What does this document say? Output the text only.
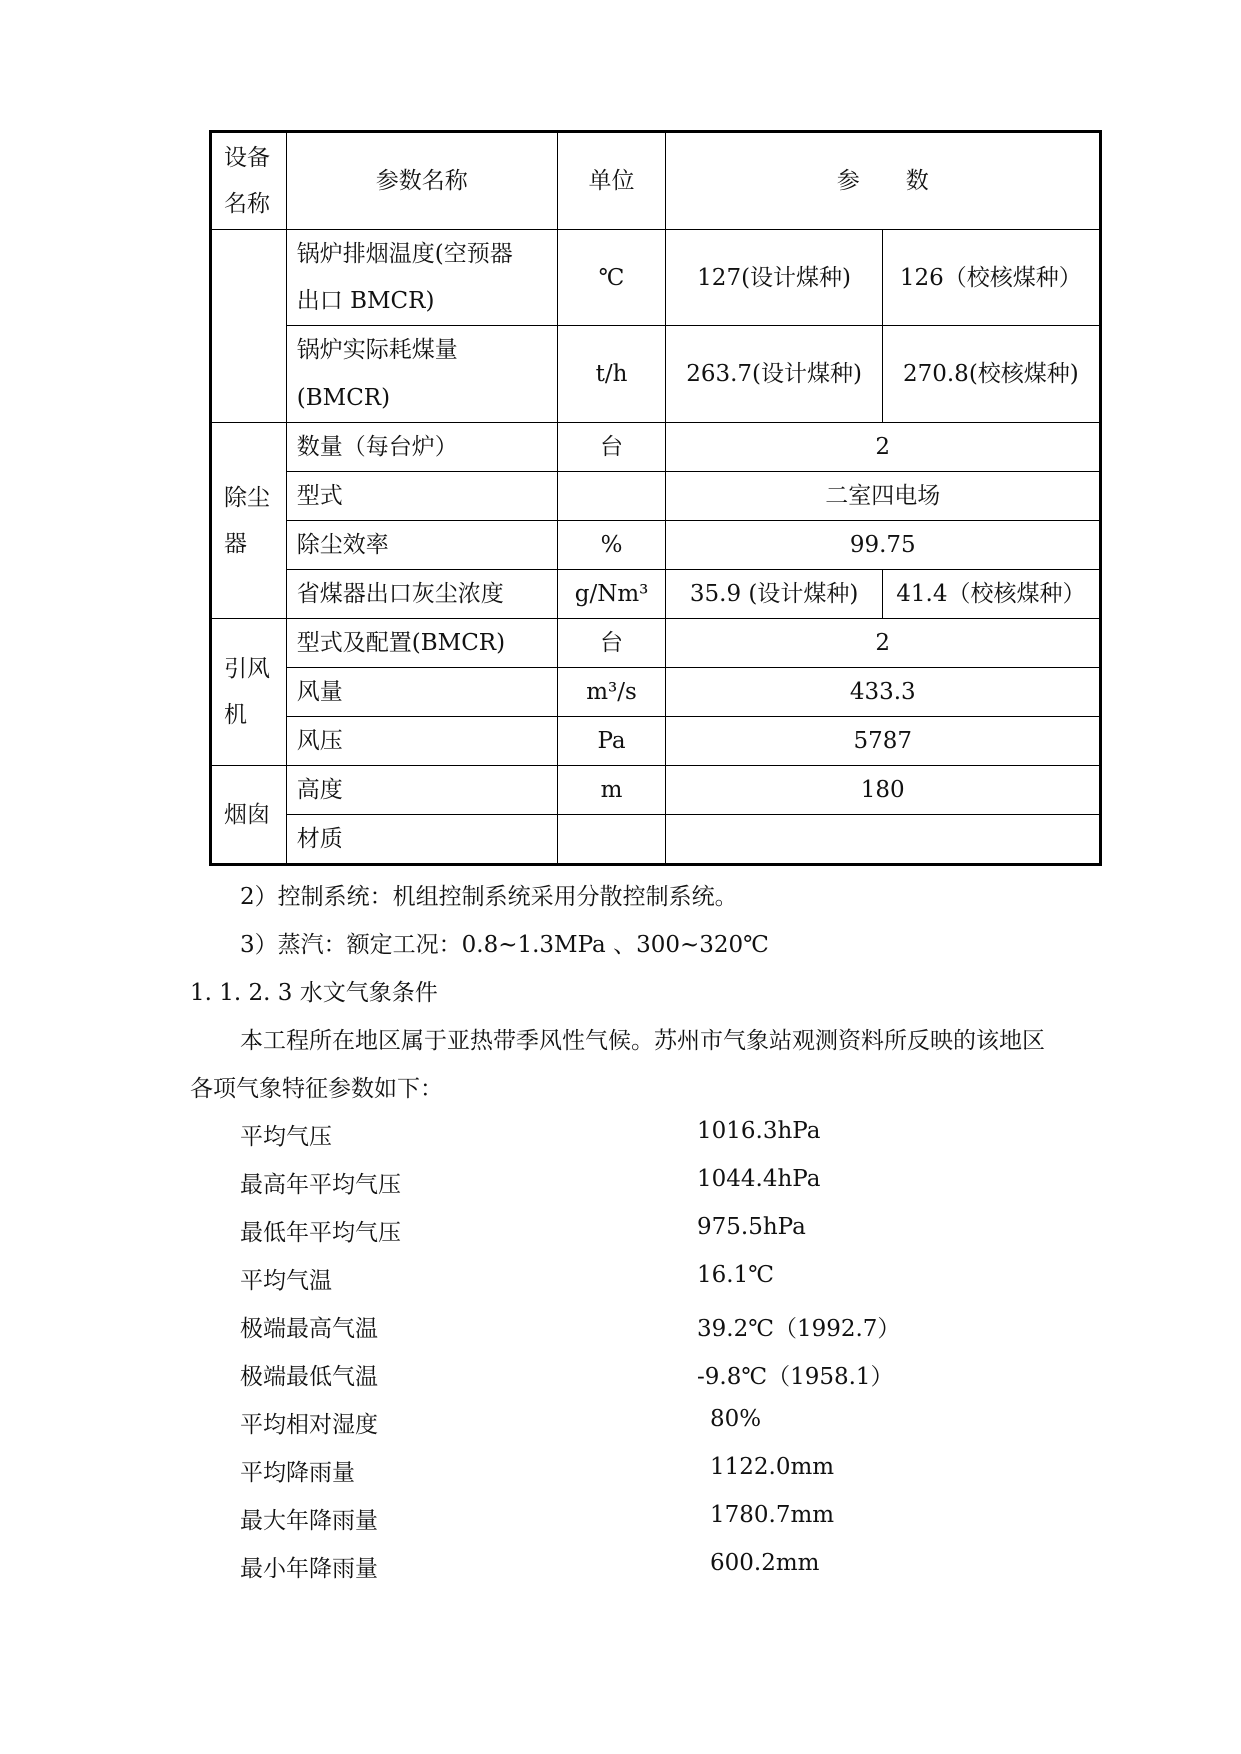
设备
名称	参数名称	单位	参　　数	
	锅炉排烟温度(空预器
出口 BMCR)	℃	127(设计煤种)	126（校核煤种）
	锅炉实际耗煤量(BMCR)	t/h	263.7(设计煤种)	270.8(校核煤种)
除尘
器	数量（每台炉）	台	2	
	型式		二室四电场	
	除尘效率	%	99.75	
	省煤器出口灰尘浓度	g/Nm³	35.9 (设计煤种)	41.4（校核煤种）
引风
机	型式及配置(BMCR)	台	2	
	风量	m³/s	433.3	
	风压	Pa	5787	
烟囱	高度	m	180	
	材质			
2）控制系统：机组控制系统采用分散控制系统。
3）蒸汽：额定工况：0.8~1.3MPa 、300~320℃
1. 1. 2. 3 水文气象条件
本工程所在地区属于亚热带季风性气候。苏州市气象站观测资料所反映的该地区
各项气象特征参数如下：
平均气压	1016.3hPa
最高年平均气压	1044.4hPa
最低年平均气压	975.5hPa
平均气温	16.1℃
极端最高气温	39.2℃（1992.7）
极端最低气温	-9.8℃（1958.1）
平均相对湿度	80%
平均降雨量	1122.0mm
最大年降雨量	1780.7mm
最小年降雨量	600.2mm
